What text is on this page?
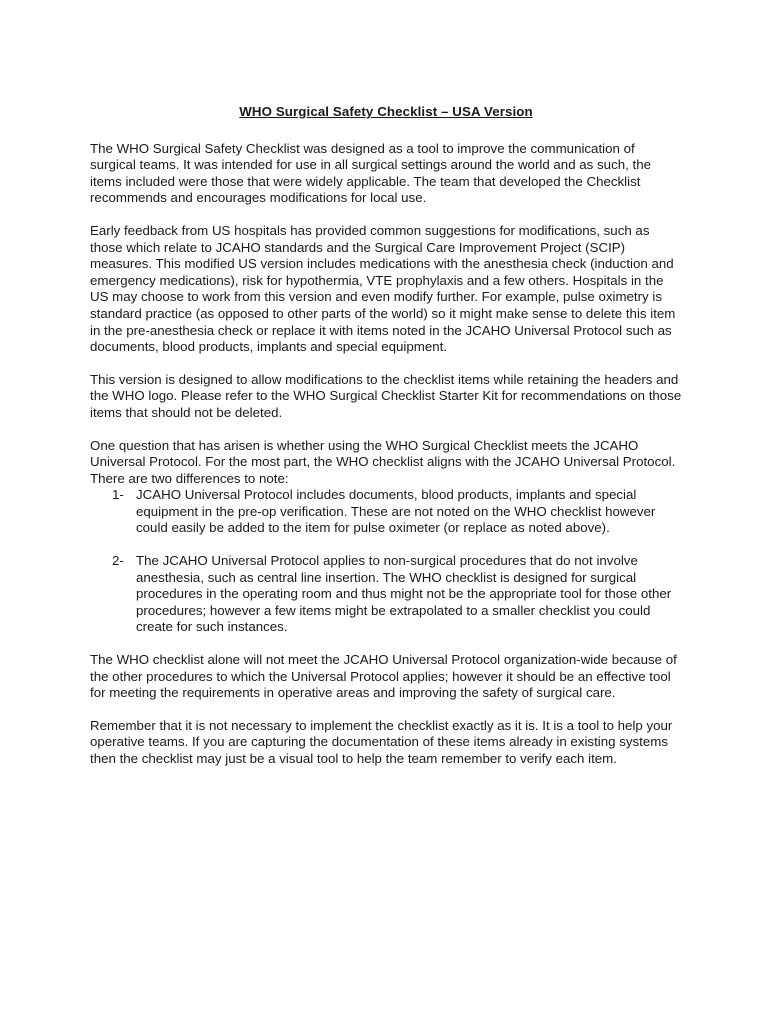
WHO Surgical Safety Checklist – USA Version

The WHO Surgical Safety Checklist was designed as a tool to improve the communication of surgical teams. It was intended for use in all surgical settings around the world and as such, the items included were those that were widely applicable. The team that developed the Checklist recommends and encourages modifications for local use.

Early feedback from US hospitals has provided common suggestions for modifications, such as those which relate to JCAHO standards and the Surgical Care Improvement Project (SCIP) measures. This modified US version includes medications with the anesthesia check (induction and emergency medications), risk for hypothermia, VTE prophylaxis and a few others. Hospitals in the US may choose to work from this version and even modify further. For example, pulse oximetry is standard practice (as opposed to other parts of the world) so it might make sense to delete this item in the pre-anesthesia check or replace it with items noted in the JCAHO Universal Protocol such as documents, blood products, implants and special equipment.

This version is designed to allow modifications to the checklist items while retaining the headers and the WHO logo. Please refer to the WHO Surgical Checklist Starter Kit for recommendations on those items that should not be deleted.

One question that has arisen is whether using the WHO Surgical Checklist meets the JCAHO Universal Protocol. For the most part, the WHO checklist aligns with the JCAHO Universal Protocol. There are two differences to note:

1- JCAHO Universal Protocol includes documents, blood products, implants and special equipment in the pre-op verification. These are not noted on the WHO checklist however could easily be added to the item for pulse oximeter (or replace as noted above).
2- The JCAHO Universal Protocol applies to non-surgical procedures that do not involve anesthesia, such as central line insertion. The WHO checklist is designed for surgical procedures in the operating room and thus might not be the appropriate tool for those other procedures; however a few items might be extrapolated to a smaller checklist you could create for such instances.

The WHO checklist alone will not meet the JCAHO Universal Protocol organization-wide because of the other procedures to which the Universal Protocol applies; however it should be an effective tool for meeting the requirements in operative areas and improving the safety of surgical care.

Remember that it is not necessary to implement the checklist exactly as it is. It is a tool to help your operative teams. If you are capturing the documentation of these items already in existing systems then the checklist may just be a visual tool to help the team remember to verify each item.
